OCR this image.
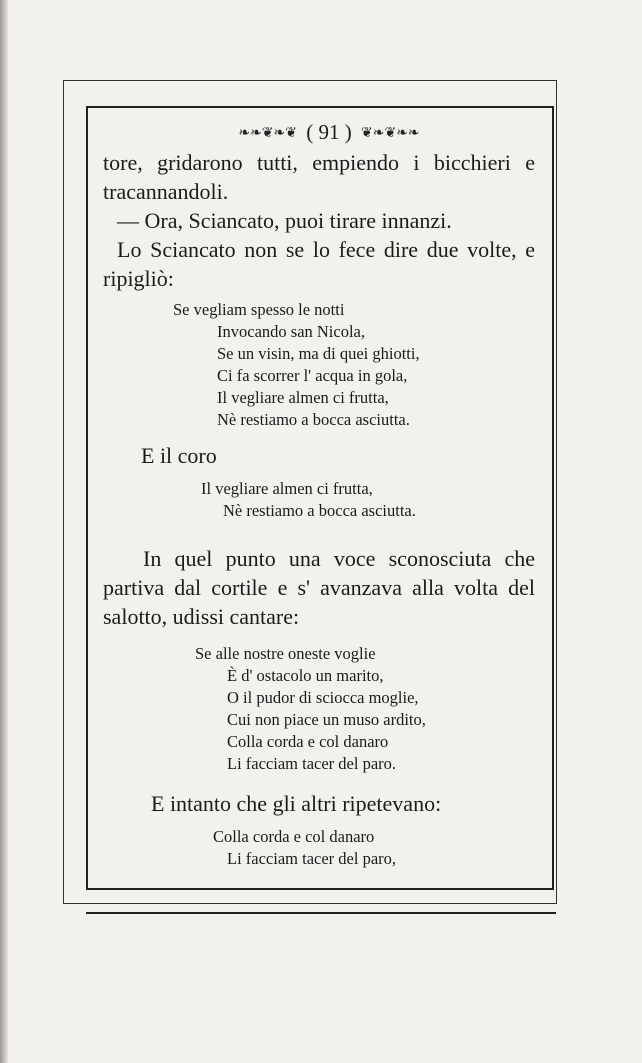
❧❧❦❧❦ ( 91 ) ❦❧❦❧❧

tore, gridarono tutti, empiendo i bicchieri e tracannandoli.

— Ora, Sciancato, puoi tirare innanzi.

Lo Sciancato non se lo fece dire due volte, e ripigliò:

Se vegliam spesso le notti
Invocando san Nicola,
Se un visin, ma di quei ghiotti,
Ci fa scorrer l' acqua in gola,
Il vegliare almen ci frutta,
Nè restiamo a bocca asciutta.
E il coro
Il vegliare almen ci frutta,
Nè restiamo a bocca asciutta.

In quel punto una voce sconosciuta che partiva dal cortile e s' avanzava alla volta del salotto, udissi cantare:

Se alle nostre oneste voglie
È d' ostacolo un marito,
O il pudor di sciocca moglie,
Cui non piace un muso ardito,
Colla corda e col danaro
Li facciam tacer del paro.

E intanto che gli altri ripetevano:

Colla corda e col danaro
Li facciam tacer del paro,
